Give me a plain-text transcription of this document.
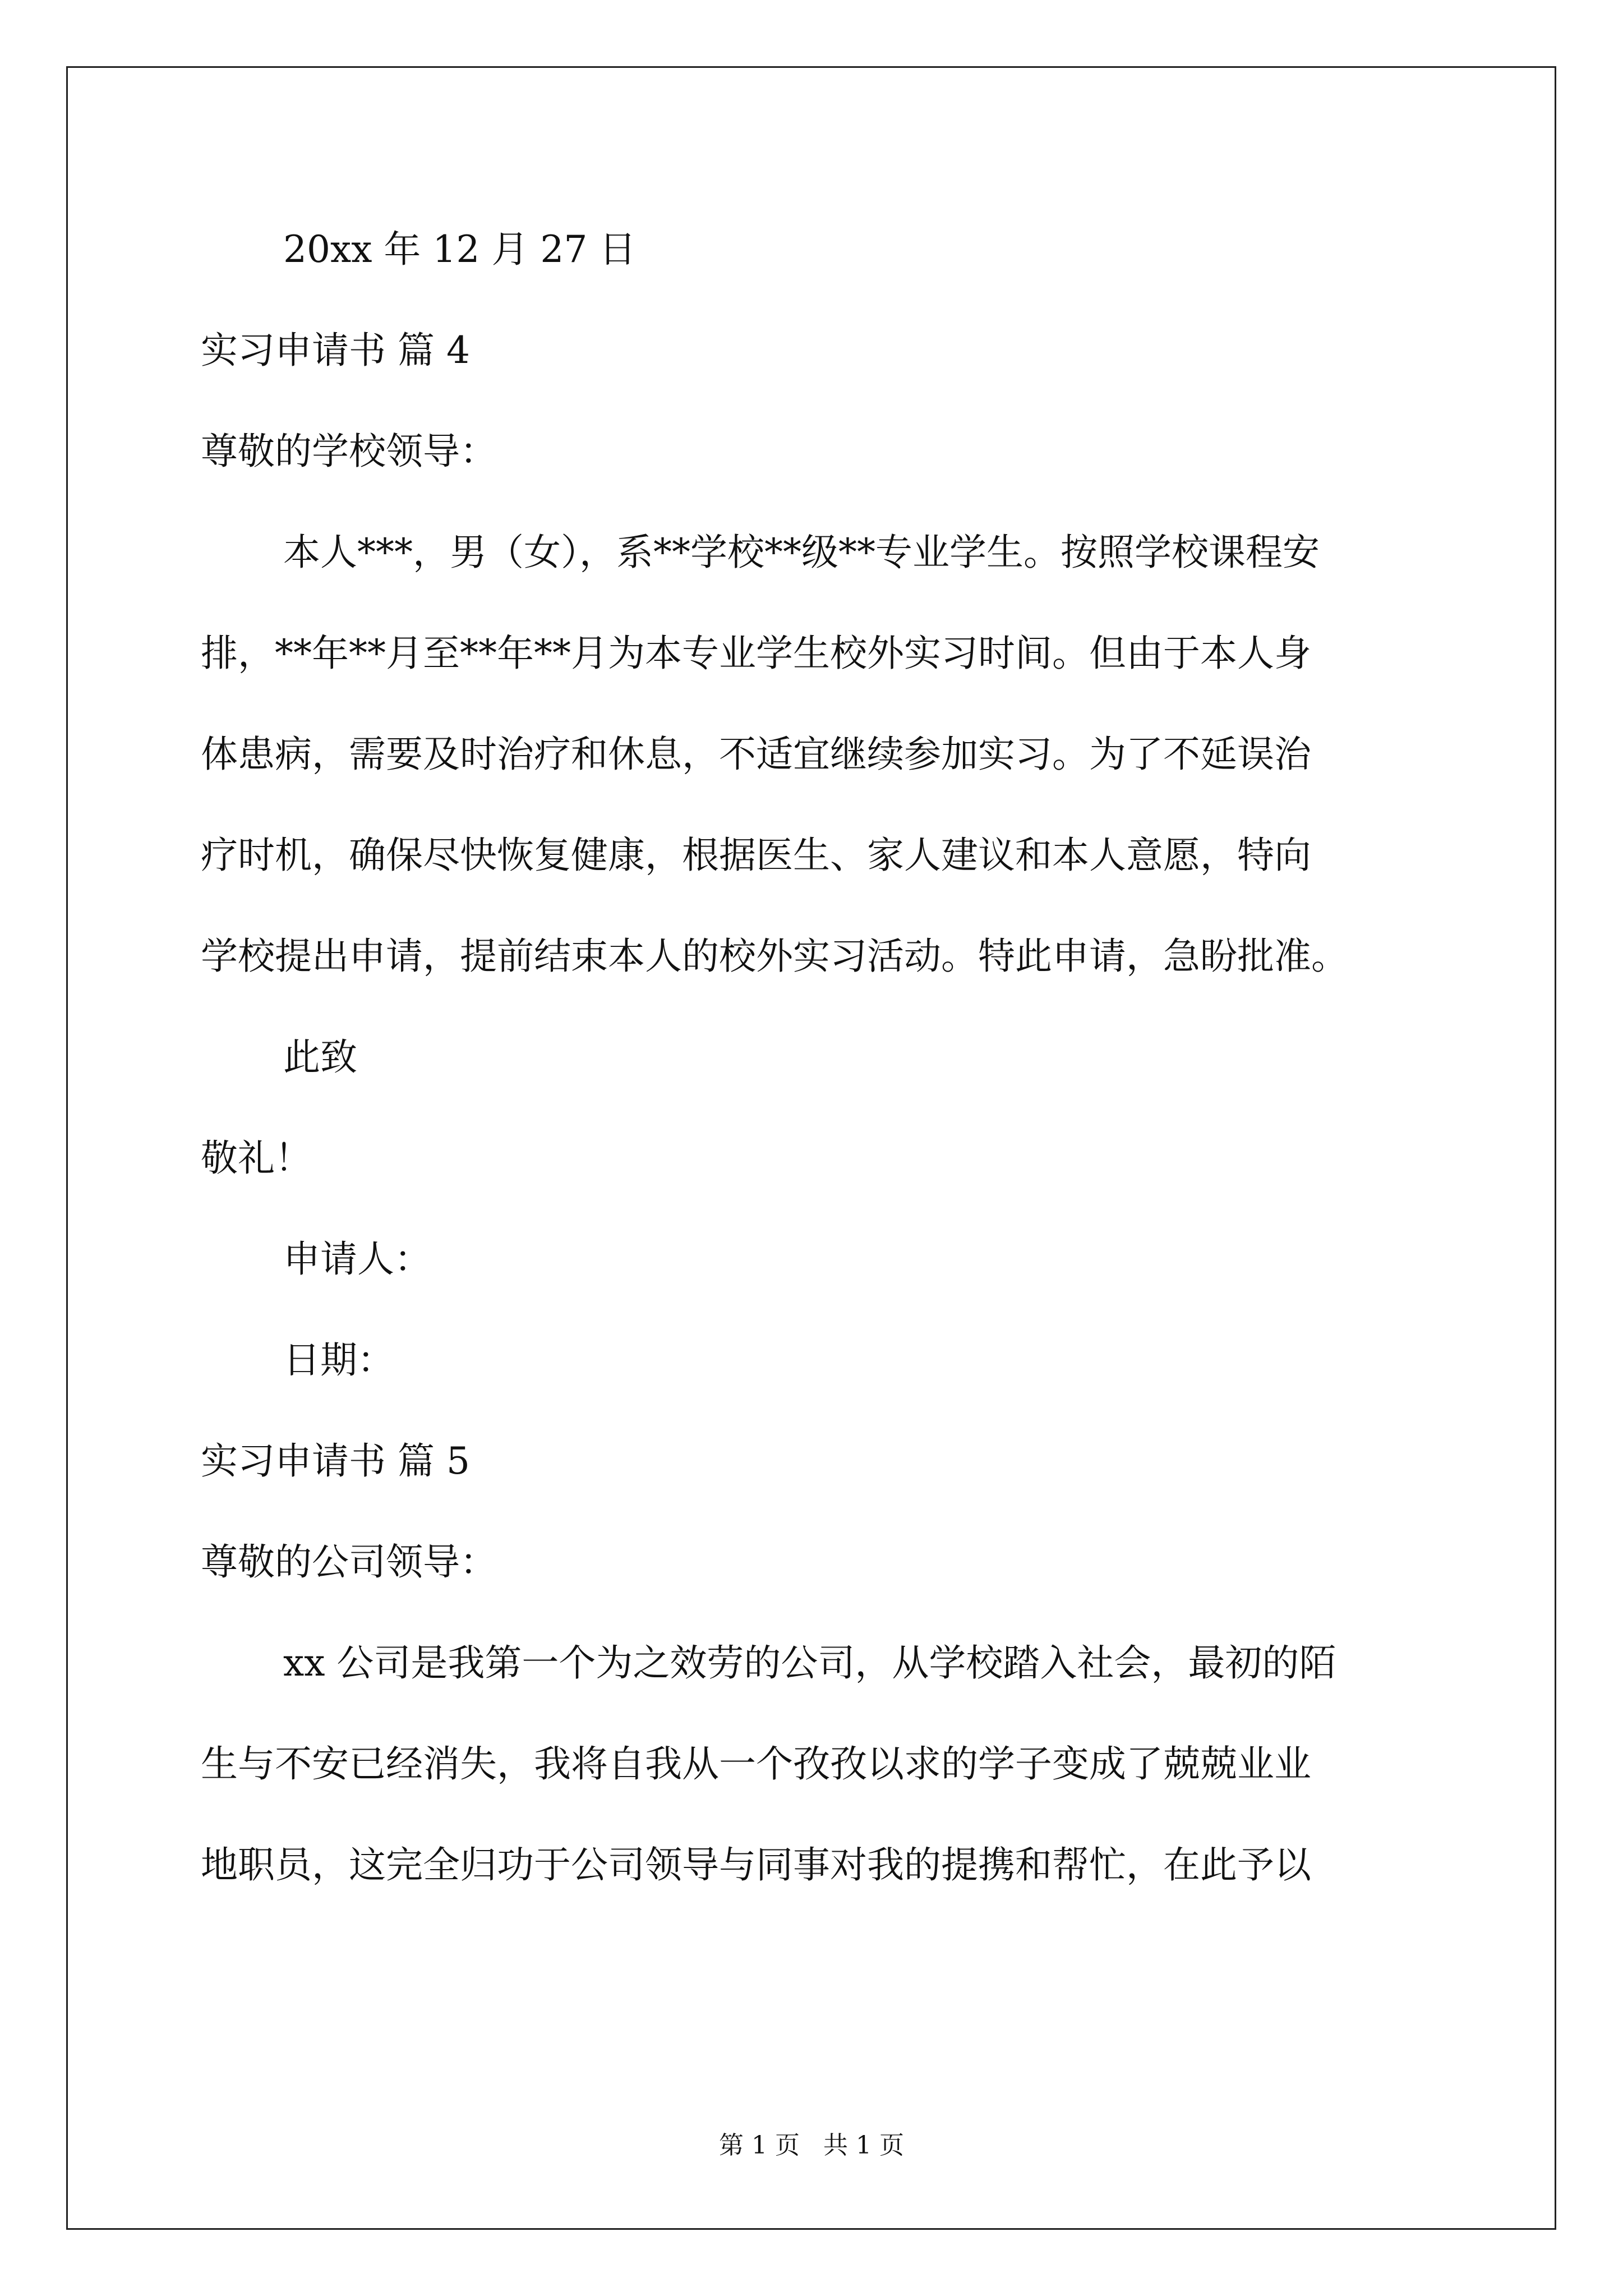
20xx 年 12 月 27 日
实习申请书 篇 4
尊敬的学校领导：
本人***，男（女），系**学校**级**专业学生。按照学校课程安
排，**年**月至**年**月为本专业学生校外实习时间。但由于本人身
体患病，需要及时治疗和休息，不适宜继续参加实习。为了不延误治
疗时机，确保尽快恢复健康，根据医生、家人建议和本人意愿，特向
学校提出申请，提前结束本人的校外实习活动。特此申请，急盼批准。
此致
敬礼！
申请人：
日期：
实习申请书 篇 5
尊敬的公司领导：
xx 公司是我第一个为之效劳的公司，从学校踏入社会，最初的陌
生与不安已经消失，我将自我从一个孜孜以求的学子变成了兢兢业业
地职员，这完全归功于公司领导与同事对我的提携和帮忙，在此予以
第 1 页 共 1 页
